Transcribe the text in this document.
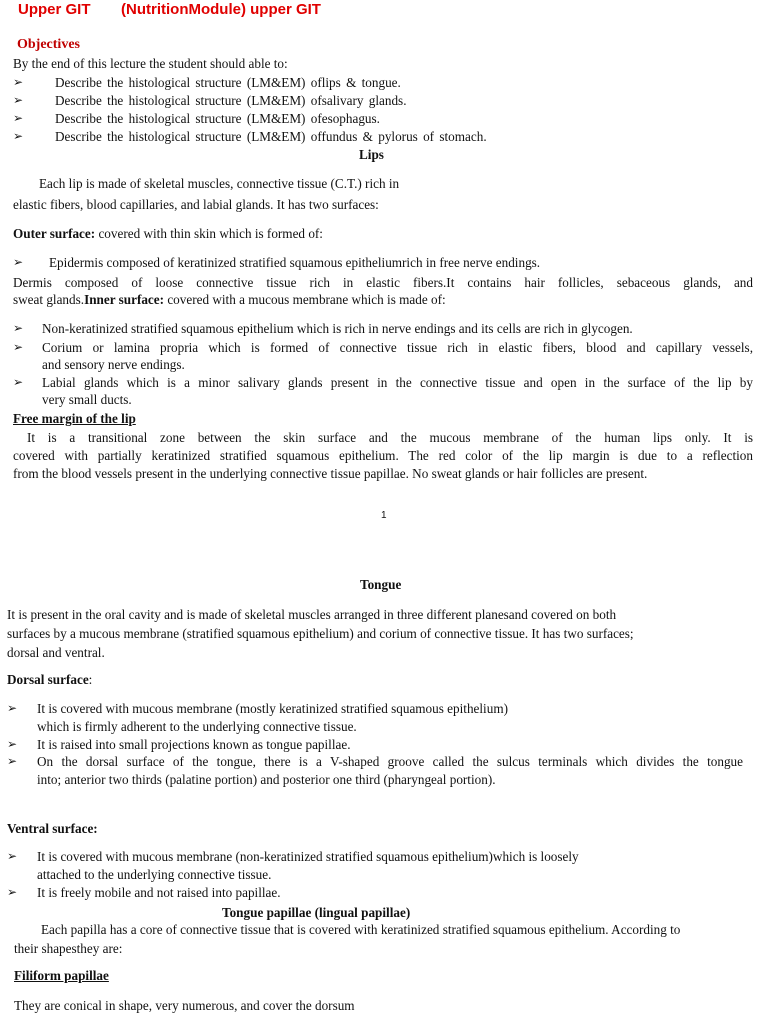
Upper GIT (NutritionModule) upper GIT
Objectives
By the end of this lecture the student should able to:
➢ Describe the histological structure (LM&EM) oflips & tongue.
➢ Describe the histological structure (LM&EM) ofsalivary glands.
➢ Describe the histological structure (LM&EM) ofesophagus.
➢ Describe the histological structure (LM&EM) offundus & pylorus of stomach.
Lips
Each lip is made of skeletal muscles, connective tissue (C.T.) rich in
elastic fibers, blood capillaries, and labial glands. It has two surfaces:
Outer surface: covered with thin skin which is formed of:
➢ Epidermis composed of keratinized stratified squamous epitheliumrich in free nerve endings.
Dermis composed of loose connective tissue rich in elastic fibers.It contains hair follicles, sebaceous glands, and
sweat glands.Inner surface: covered with a mucous membrane which is made of:
➢ Non-keratinized stratified squamous epithelium which is rich in nerve endings and its cells are rich in glycogen.
➢ Corium or lamina propria which is formed of connective tissue rich in elastic fibers, blood and capillary vessels,
and sensory nerve endings.
➢ Labial glands which is a minor salivary glands present in the connective tissue and open in the surface of the lip by
very small ducts.
Free margin of the lip
It is a transitional zone between the skin surface and the mucous membrane of the human lips only. It is
covered with partially keratinized stratified squamous epithelium. The red color of the lip margin is due to a reflection
from the blood vessels present in the underlying connective tissue papillae. No sweat glands or hair follicles are present.
1
Tongue
It is present in the oral cavity and is made of skeletal muscles arranged in three different planesand covered on both
surfaces by a mucous membrane (stratified squamous epithelium) and corium of connective tissue. It has two surfaces;
dorsal and ventral.
Dorsal surface:
➢ It is covered with mucous membrane (mostly keratinized stratified squamous epithelium)
which is firmly adherent to the underlying connective tissue.
➢ It is raised into small projections known as tongue papillae.
➢ On the dorsal surface of the tongue, there is a V-shaped groove called the sulcus terminals which divides the tongue
into; anterior two thirds (palatine portion) and posterior one third (pharyngeal portion).
Ventral surface:
➢ It is covered with mucous membrane (non-keratinized stratified squamous epithelium)which is loosely
attached to the underlying connective tissue.
➢ It is freely mobile and not raised into papillae.
Tongue papillae (lingual papillae)
Each papilla has a core of connective tissue that is covered with keratinized stratified squamous epithelium. According to
their shapesthey are:
Filiform papillae
They are conical in shape, very numerous, and cover the dorsum
